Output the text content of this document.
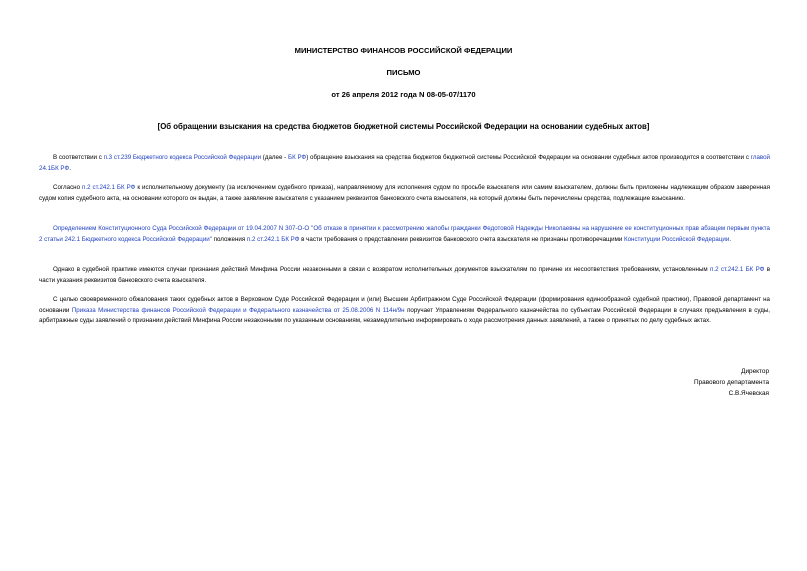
МИНИСТЕРСТВО ФИНАНСОВ РОССИЙСКОЙ ФЕДЕРАЦИИ
ПИСЬМО
от 26 апреля 2012 года N 08-05-07/1170
[Об обращении взыскания на средства бюджетов бюджетной системы Российской Федерации на основании судебных актов]
В соответствии с п.3 ст.239 Бюджетного кодекса Российской Федерации (далее - БК РФ) обращение взыскания на средства бюджетов бюджетной системы Российской Федерации на основании судебных актов производится в соответствии с главой 24.1БК РФ.
Согласно п.2 ст.242.1 БК РФ к исполнительному документу (за исключением судебного приказа), направляемому для исполнения судом по просьбе взыскателя или самим взыскателем, должны быть приложены надлежащим образом заверенная судом копия судебного акта, на основании которого он выдан, а также заявление взыскателя с указанием реквизитов банковского счета взыскателя, на который должны быть перечислены средства, подлежащие взысканию.
Определением Конституционного Суда Российской Федерации от 19.04.2007 N 307-О-О "Об отказе в принятии к рассмотрению жалобы гражданки Федотовой Надежды Николаевны на нарушение ее конституционных прав абзацем первым пункта 2 статьи 242.1 Бюджетного кодекса Российской Федерации" положения п.2 ст.242.1 БК РФ в части требования о представлении реквизитов банковского счета взыскателя не признаны противоречащими Конституции Российской Федерации.
Однако в судебной практике имеются случаи признания действий Минфина России незаконными в связи с возвратом исполнительных документов взыскателям по причине их несоответствия требованиям, установленным п.2 ст.242.1 БК РФ в части указания реквизитов банковского счета взыскателя.
С целью своевременного обжалования таких судебных актов в Верховном Суде Российской Федерации и (или) Высшем Арбитражном Суде Российской Федерации (формирования единообразной судебной практики), Правовой департамент на основании Приказа Министерства финансов Российской Федерации и Федерального казначейства от 25.08.2006 N 114н/9н поручает Управлениям Федерального казначейства по субъектам Российской Федерации в случаях предъявления в суды, арбитражные суды заявлений о признании действий Минфина России незаконными по указанным основаниям, незамедлительно информировать о ходе рассмотрения данных заявлений, а также о принятых по делу судебных актах.
Директор
Правового департамента
С.В.Ячевская
